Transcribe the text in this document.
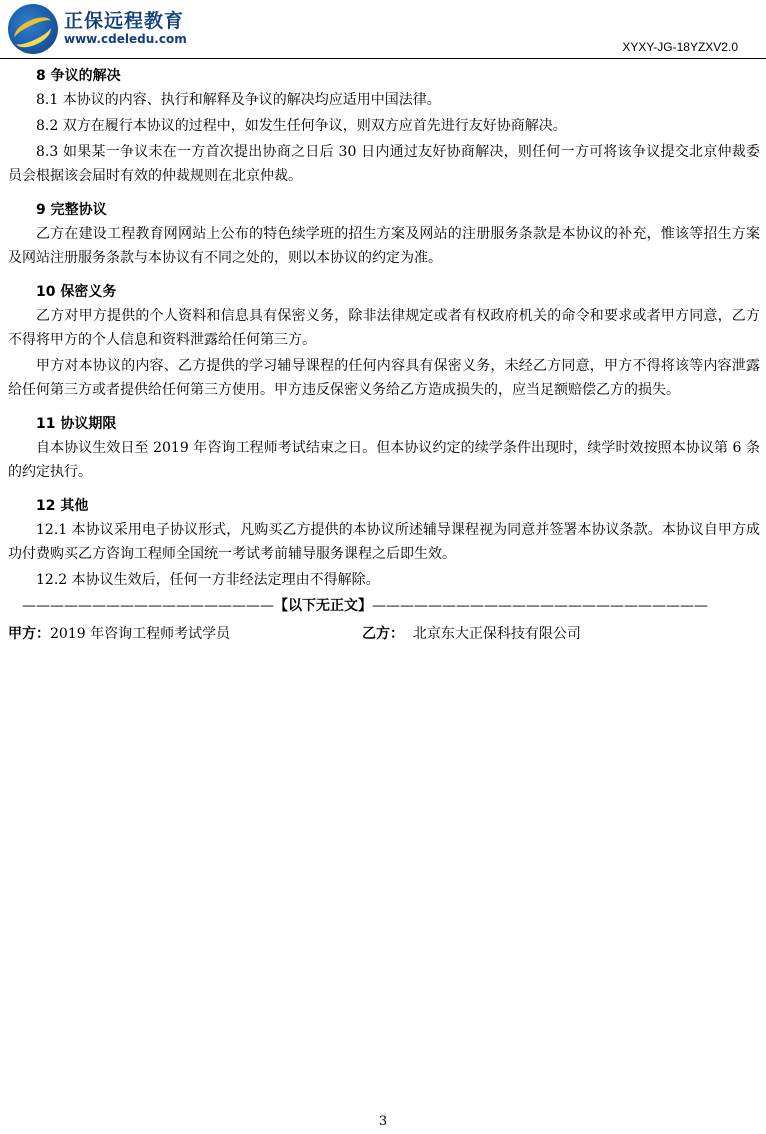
正保远程教育
www.cdeledu.com
XYXY-JG-18YZXV2.0
8 争议的解决

8.1 本协议的内容、执行和解释及争议的解决均应适用中国法律。

8.2 双方在履行本协议的过程中，如发生任何争议，则双方应首先进行友好协商解决。

8.3 如果某一争议未在一方首次提出协商之日后 30 日内通过友好协商解决，则任何一方可将该争议提交北京仲裁委员会根据该会届时有效的仲裁规则在北京仲裁。

9 完整协议

乙方在建设工程教育网网站上公布的特色续学班的招生方案及网站的注册服务条款是本协议的补充，惟该等招生方案及网站注册服务条款与本协议有不同之处的，则以本协议的约定为准。

10 保密义务

乙方对甲方提供的个人资料和信息具有保密义务，除非法律规定或者有权政府机关的命令和要求或者甲方同意，乙方不得将甲方的个人信息和资料泄露给任何第三方。

甲方对本协议的内容、乙方提供的学习辅导课程的任何内容具有保密义务，未经乙方同意，甲方不得将该等内容泄露给任何第三方或者提供给任何第三方使用。甲方违反保密义务给乙方造成损失的，应当足额赔偿乙方的损失。

11 协议期限

自本协议生效日至 2019 年咨询工程师考试结束之日。但本协议约定的续学条件出现时，续学时效按照本协议第 6 条的约定执行。

12 其他

12.1 本协议采用电子协议形式，凡购买乙方提供的本协议所述辅导课程视为同意并签署本协议条款。本协议自甲方成功付费购买乙方咨询工程师全国统一考试考前辅导服务课程之后即生效。

12.2 本协议生效后，任何一方非经法定理由不得解除。

——————————————————【以下无正文】————————————————————————
甲方：2019 年咨询工程师考试学员	乙方： 北京东大正保科技有限公司
3
